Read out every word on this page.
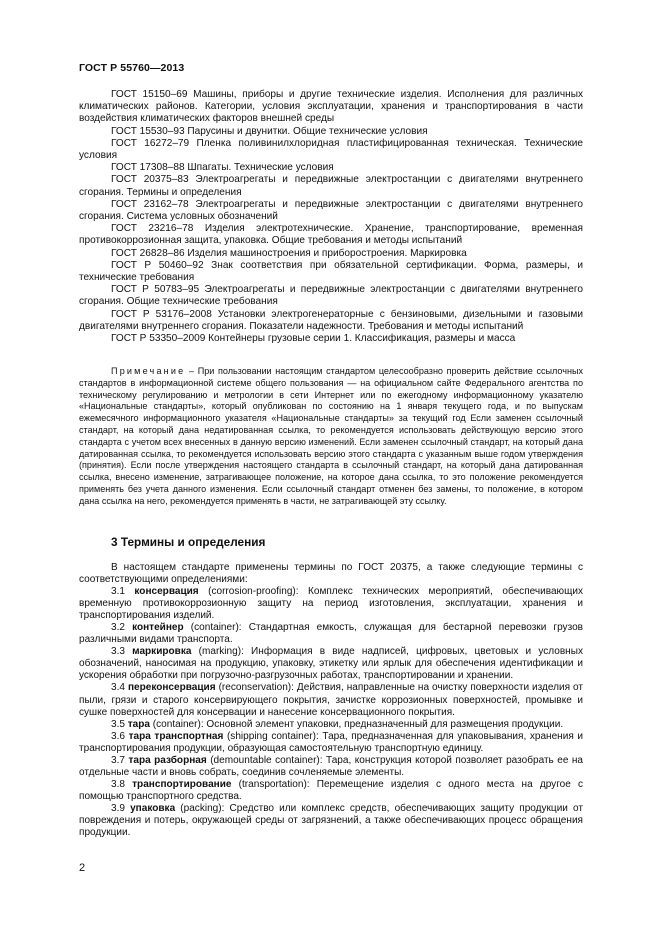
ГОСТ Р 55760—2013

ГОСТ 15150–69 Машины, приборы и другие технические изделия. Исполнения для различных климатических районов. Категории, условия эксплуатации, хранения и транспортирования в части воздействия климатических факторов внешней среды

ГОСТ 15530–93 Парусины и двунитки. Общие технические условия

ГОСТ 16272–79 Пленка поливинилхлоридная пластифицированная техническая. Технические условия

ГОСТ 17308–88 Шпагаты. Технические условия

ГОСТ 20375–83 Электроагрегаты и передвижные электростанции с двигателями внутреннего сгорания. Термины и определения

ГОСТ 23162–78 Электроагрегаты и передвижные электростанции с двигателями внутреннего сгорания. Система условных обозначений

ГОСТ 23216–78 Изделия электротехнические. Хранение, транспортирование, временная противокоррозионная защита, упаковка. Общие требования и методы испытаний

ГОСТ 26828–86 Изделия машиностроения и приборостроения. Маркировка

ГОСТ Р 50460–92 Знак соответствия при обязательной сертификации. Форма, размеры, и технические требования

ГОСТ Р 50783–95 Электроагрегаты и передвижные электростанции с двигателями внутреннего сгорания. Общие технические требования

ГОСТ Р 53176–2008 Установки электрогенераторные с бензиновыми, дизельными и газовыми двигателями внутреннего сгорания. Показатели надежности. Требования и методы испытаний

ГОСТ Р 53350–2009 Контейнеры грузовые серии 1. Классификация, размеры и масса

Примечание – При пользовании настоящим стандартом целесообразно проверить действие ссылочных стандартов в информационной системе общего пользования — на официальном сайте Федерального агентства по техническому регулированию и метрологии в сети Интернет или по ежегодному информационному указателю «Национальные стандарты», который опубликован по состоянию на 1 января текущего года, и по выпускам ежемесячного информационного указателя «Национальные стандарты» за текущий год Если заменен ссылочный стандарт, на который дана недатированная ссылка, то рекомендуется использовать действующую версию этого стандарта с учетом всех внесенных в данную версию изменений. Если заменен ссылочный стандарт, на который дана датированная ссылка, то рекомендуется использовать версию этого стандарта с указанным выше годом утверждения (принятия). Если после утверждения настоящего стандарта в ссылочный стандарт, на который дана датированная ссылка, внесено изменение, затрагивающее положение, на которое дана ссылка, то это положение рекомендуется применять без учета данного изменения. Если ссылочный стандарт отменен без замены, то положение, в котором дана ссылка на него, рекомендуется применять в части, не затрагивающей эту ссылку.

3 Термины и определения

В настоящем стандарте применены термины по ГОСТ 20375, а также следующие термины с соответствующими определениями:

3.1 консервация (corrosion-proofing): Комплекс технических мероприятий, обеспечивающих временную противокоррозионную защиту на период изготовления, эксплуатации, хранения и транспортирования изделий.

3.2 контейнер (container): Стандартная емкость, служащая для бестарной перевозки грузов различными видами транспорта.

3.3 маркировка (marking): Информация в виде надписей, цифровых, цветовых и условных обозначений, наносимая на продукцию, упаковку, этикетку или ярлык для обеспечения идентификации и ускорения обработки при погрузочно-разгрузочных работах, транспортировании и хранении.

3.4 переконсервация (reconservation): Действия, направленные на очистку поверхности изделия от пыли, грязи и старого консервирующего покрытия, зачистке коррозионных поверхностей, промывке и сушке поверхностей для консервации и нанесение консервационного покрытия.

3.5 тара (container): Основной элемент упаковки, предназначенный для размещения продукции.

3.6 тара транспортная (shipping container): Тара, предназначенная для упаковывания, хранения и транспортирования продукции, образующая самостоятельную транспортную единицу.

3.7 тара разборная (demountable container): Тара, конструкция которой позволяет разобрать ее на отдельные части и вновь собрать, соединив сочленяемые элементы.

3.8 транспортирование (transportation): Перемещение изделия с одного места на другое с помощью транспортного средства.

3.9 упаковка (packing): Средство или комплекс средств, обеспечивающих защиту продукции от повреждения и потерь, окружающей среды от загрязнений, а также обеспечивающих процесс обращения продукции.

2
